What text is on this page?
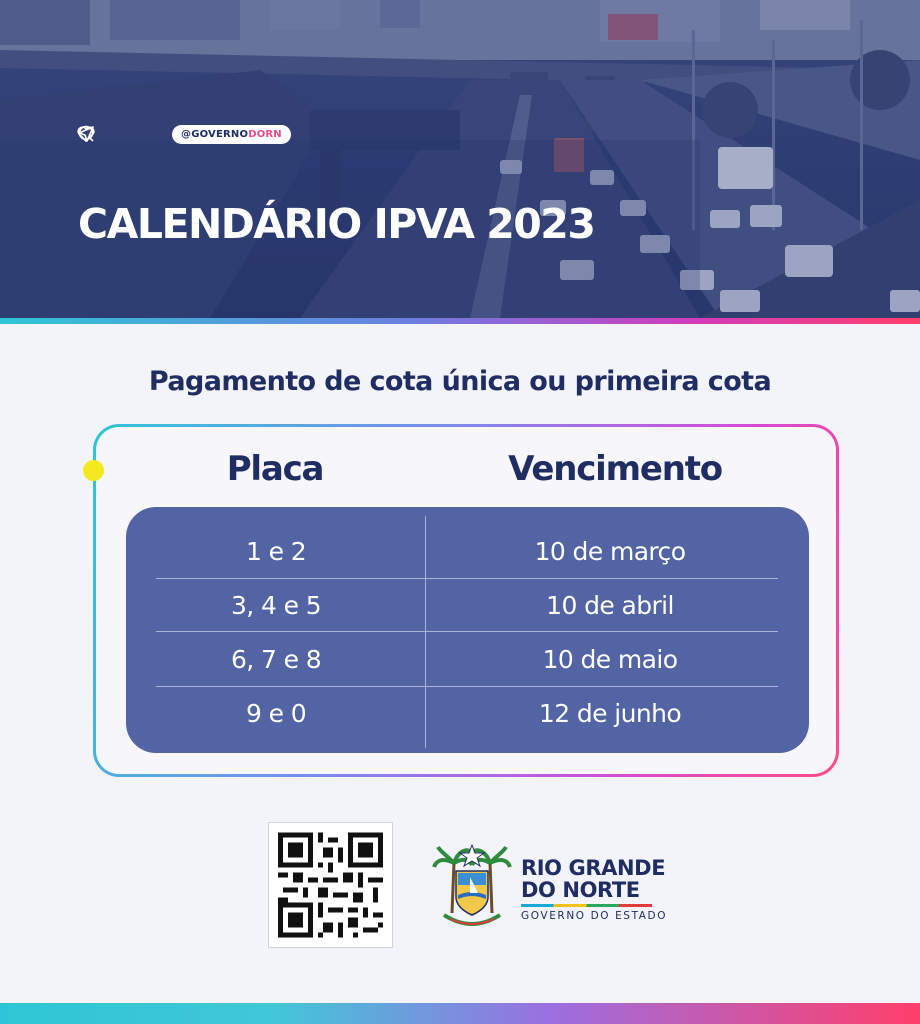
@GOVERNODORN
CALENDÁRIO IPVA 2023
Pagamento de cota única ou primeira cota
Placa	Vencimento
1 e 2	10 de março
3, 4 e 5	10 de abril
6, 7 e 8	10 de maio
9 e 0	12 de junho
RIO GRANDE
DO NORTE
GOVERNO DO ESTADO
